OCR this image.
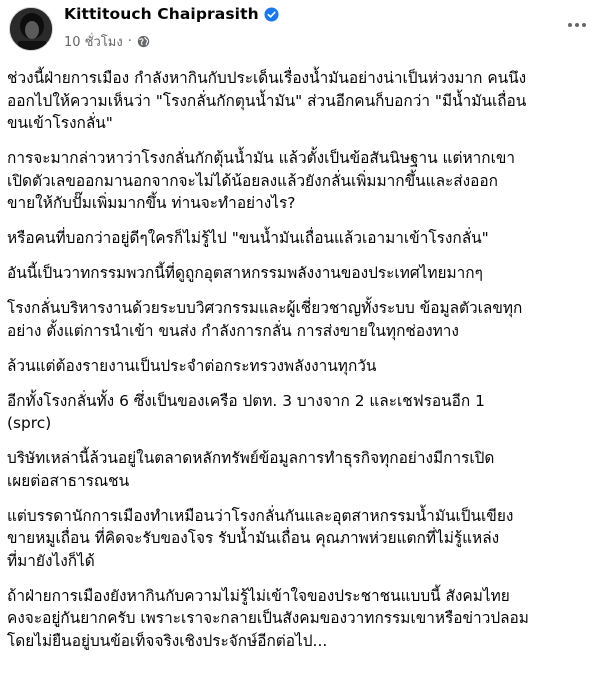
Kittitouch Chaiprasith
10 ชั่วโมง ·
ช่วงนี้ฝ่ายการเมือง กำลังหากินกับประเด็นเรื่องน้ำมันอย่างน่าเป็นห่วงมาก คนนึง
ออกไปให้ความเห็นว่า "โรงกลั่นกักตุนน้ำมัน" ส่วนอีกคนก็บอกว่า "มีน้ำมันเถื่อน
ขนเข้าโรงกลั่น"
การจะมากล่าวหาว่าโรงกลั่นกักตุ้นน้ำมัน แล้วตั้งเป็นข้อสันนิษฐาน แต่หากเขา
เปิดตัวเลขออกมานอกจากจะไม่ได้น้อยลงแล้วยังกลั่นเพิ่มมากขึ้นและส่งออก
ขายให้กับปั๊มเพิ่มมากขึ้น ท่านจะทำอย่างไร?
หรือคนที่บอกว่าอยู่ดีๆใครก็ไม่รู้ไป "ขนน้ำมันเถื่อนแล้วเอามาเข้าโรงกลั่น"
อันนี้เป็นวาทกรรมพวกนี้ที่ดูถูกอุตสาหกรรมพลังงานของประเทศไทยมากๆ
โรงกลั่นบริหารงานด้วยระบบวิศวกรรมและผู้เชี่ยวชาญทั้งระบบ ข้อมูลตัวเลขทุก
อย่าง ตั้งแต่การนำเข้า ขนส่ง กำลังการกลั่น การส่งขายในทุกช่องทาง
ล้วนแต่ต้องรายงานเป็นประจำต่อกระทรวงพลังงานทุกวัน
อีกทั้งโรงกลั่นทั้ง 6 ซึ่งเป็นของเครือ ปตท. 3 บางจาก 2 และเชฟรอนอีก 1
(sprc)
บริษัทเหล่านี้ล้วนอยู่ในตลาดหลักทรัพย์ข้อมูลการทำธุรกิจทุกอย่างมีการเปิด
เผยต่อสาธารณชน
แต่บรรดานักการเมืองทำเหมือนว่าโรงกลั่นกันและอุตสาหกรรมน้ำมันเป็นเขียง
ขายหมูเถื่อน ที่คิดจะรับของโจร รับน้ำมันเถื่อน คุณภาพห่วยแตกที่ไม่รู้แหล่ง
ที่มายังไงก็ได้
ถ้าฝ่ายการเมืองยังหากินกับความไม่รู้ไม่เข้าใจของประชาชนแบบนี้ สังคมไทย
คงจะอยู่กันยากครับ เพราะเราจะกลายเป็นสังคมของวาทกรรมเขาหรือข่าวปลอม
โดยไม่ยืนอยู่บนข้อเท็จจริงเชิงประจักษ์อีกต่อไป...
